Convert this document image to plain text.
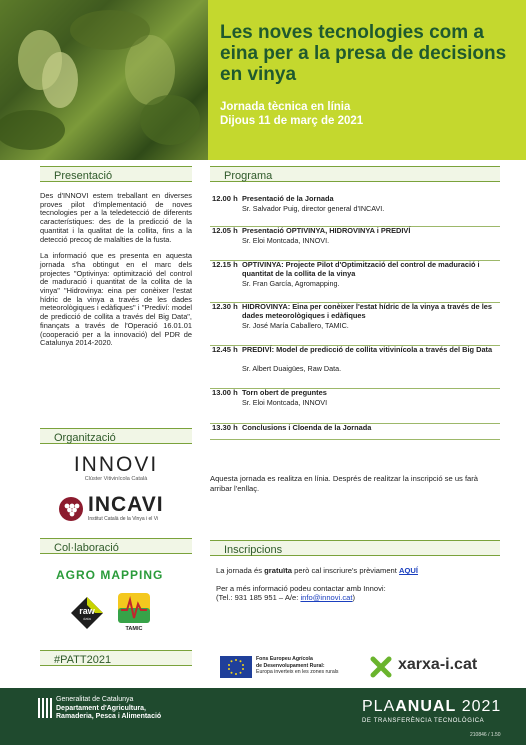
Les noves tecnologies com a eina per a la presa de decisions en vinya
Jornada tècnica en línia
Dijous 11 de març de 2021
Presentació
Des d'INNOVI estem treballant en diverses proves pilot d'implementació de noves tecnologies per a la teledetecció de diferents característiques: des de la predicció de la quantitat i la qualitat de la collita, fins a la detecció precoç de malalties de la fusta.
La informació que es presenta en aquesta jornada s'ha obtingut en el marc dels projectes "Optivinya: optimització del control de maduració i quantitat de la collita de la vinya" "Hidrovinya: eina per conèixer l'estat hídric de la vinya a través de les dades meteorològiques i edàfiques" i "Prediví: model de predicció de collita a través del Big Data", finançats a través de l'Operació 16.01.01 (cooperació per a la innovació) del PDR de Catalunya 2014-2020.
Organització
INNOVI
Clúster Vitivinícola Català
INCAVI
Institut Català de la Vinya i el Vi
Col·laboració
AGRO MAPPING
raw
data
TAMIC
#PATT2021
Programa
12.00 h Presentació de la Jornada
Sr. Salvador Puig, director general d'INCAVI.
12.05 h Presentació OPTIVINYA, HIDROVINYA i PREDIVÍ
Sr. Eloi Montcada, INNOVI.
12.15 h OPTIVINYA: Projecte Pilot d'Optimització del control de maduració i quantitat de la collita de la vinya
Sr. Fran García, Agromapping.
12.30 h HIDROVINYA: Eina per conèixer l'estat hídric de la vinya a través de les dades meteorològiques i edàfiques
Sr. José María Caballero, TAMIC.
12.45 h PREDIVÍ: Model de predicció de collita vitivinícola a través del Big Data
Sr. Albert Duaigües, Raw Data.
13.00 h Torn obert de preguntes
Sr. Eloi Montcada, INNOVI
13.30 h Conclusions i Cloenda de la Jornada
Aquesta jornada es realitza en línia. Després de realitzar la inscripció se us farà arribar l'enllaç.
Inscripcions
La jornada és gratuïta però cal inscriure's prèviament AQUÍ
Per a més informació podeu contactar amb Innovi:
(Tel.: 931 185 951 – A/e: info@innovi.cat)
Fons Europeu Agrícola
de Desenvolupament Rural:
Europa inverteix en les zones rurals	xarxa-i.cat
Generalitat de Catalunya
Departament d'Agricultura,
Ramaderia, Pesca i Alimentació
PLAANUAL 2021
DE TRANSFERÈNCIA TECNOLÒGICA
210846 / 1.50
